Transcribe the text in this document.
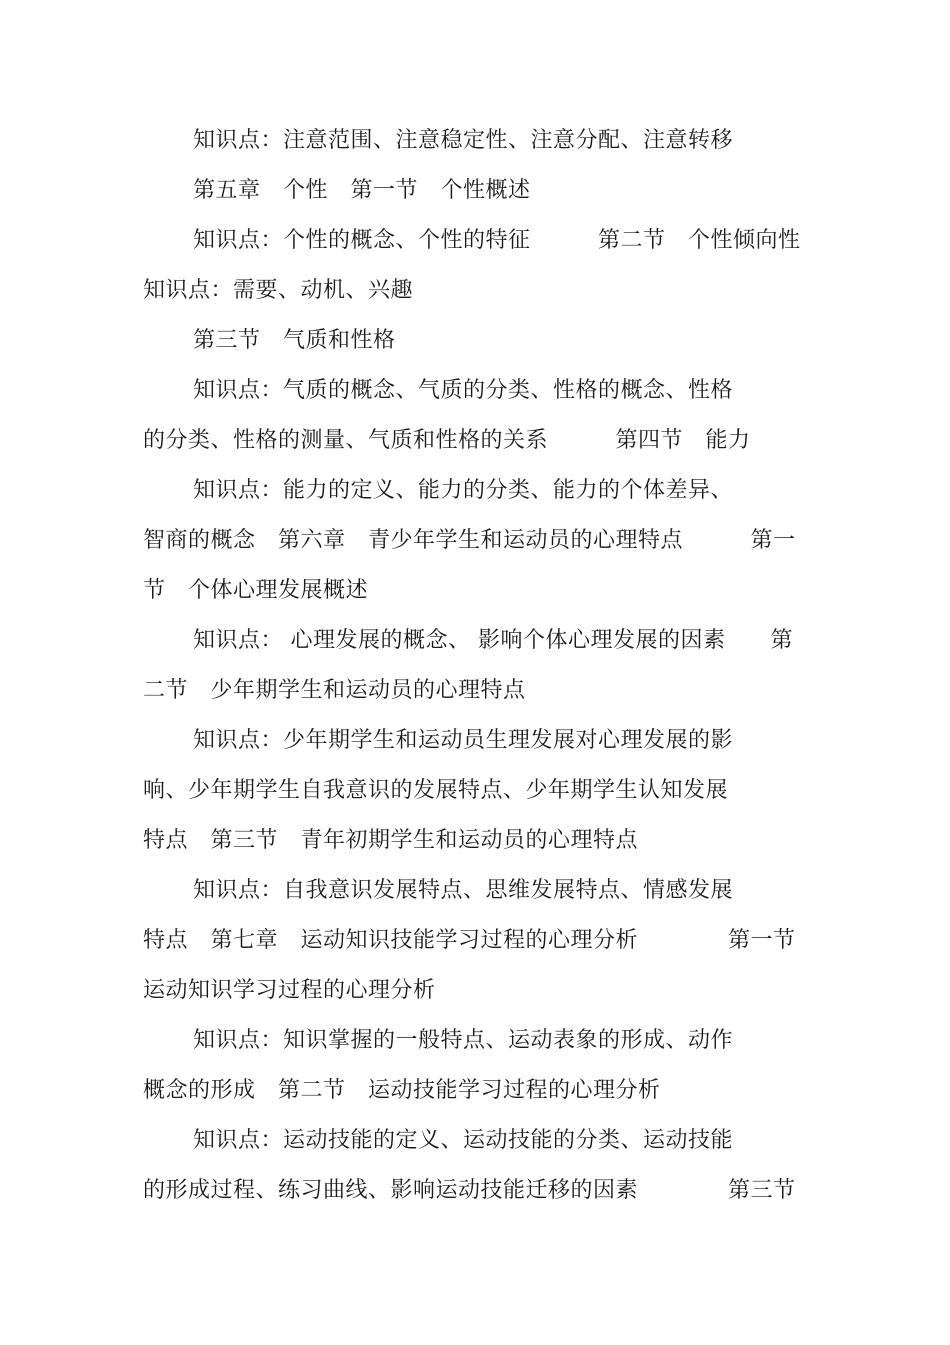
知识点：注意范围、注意稳定性、注意分配、注意转移
第五章　个性　第一节　个性概述
知识点：个性的概念、个性的特征　　　第二节　个性倾向性
知识点：需要、动机、兴趣
第三节　气质和性格
知识点：气质的概念、气质的分类、性格的概念、性格
的分类、性格的测量、气质和性格的关系　　　第四节　能力
知识点：能力的定义、能力的分类、能力的个体差异、
智商的概念　第六章　青少年学生和运动员的心理特点　　　第一
节　个体心理发展概述
知识点： 心理发展的概念、 影响个体心理发展的因素　　第
二节　少年期学生和运动员的心理特点
知识点：少年期学生和运动员生理发展对心理发展的影
响、少年期学生自我意识的发展特点、少年期学生认知发展
特点　第三节　青年初期学生和运动员的心理特点
知识点：自我意识发展特点、思维发展特点、情感发展
特点　第七章　运动知识技能学习过程的心理分析　　　　第一节
运动知识学习过程的心理分析
知识点：知识掌握的一般特点、运动表象的形成、动作
概念的形成　第二节　运动技能学习过程的心理分析
知识点：运动技能的定义、运动技能的分类、运动技能
的形成过程、练习曲线、影响运动技能迁移的因素　　　　第三节
